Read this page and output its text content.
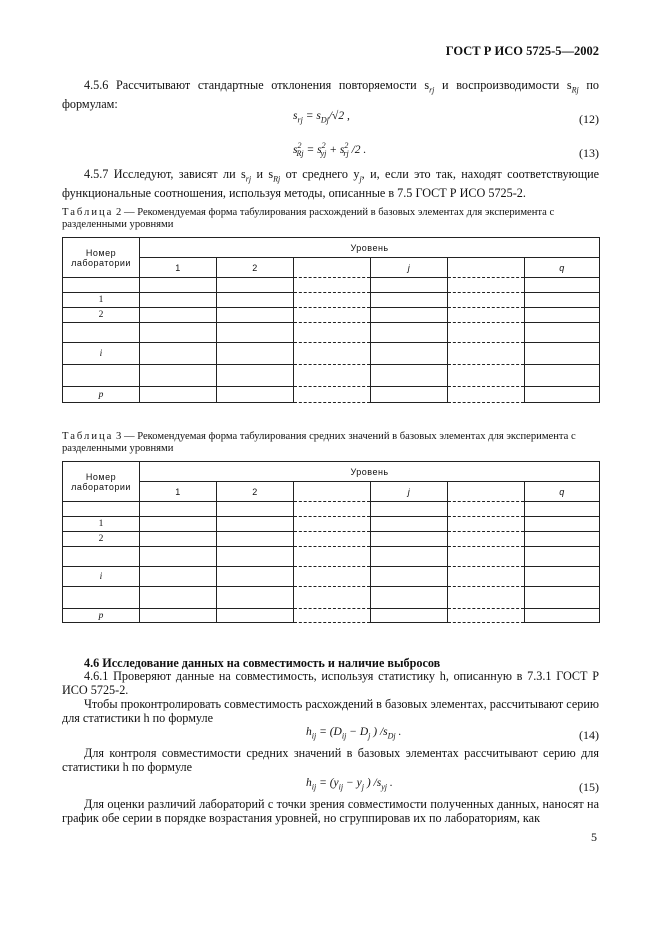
ГОСТ Р ИСО 5725-5—2002
4.5.6 Рассчитывают стандартные отклонения повторяемости $s_{rj}$ и воспроизводимости $s_{Rj}$ по формулам:
$s_{rj} = s_{Dj}/√2$ ,	(12)
$s^2_{Rj} = s^2_{yj} + s^2_{rj}$ /2 .	(13)
4.5.7 Исследуют, зависят ли $s_{rj}$ и $s_{Rj}$ от среднего $y_j$, и, если это так, находят соответствующие функциональные соотношения, используя методы, описанные в 7.5 ГОСТ Р ИСО 5725-2.
Таблица 2 — Рекомендуемая форма табулирования расхождений в базовых элементах для эксперимента с разделенными уровнями
Номер лаборатории	Уровень					
	1	2		j		q

1						
2						

i						

p						
Таблица 3 — Рекомендуемая форма табулирования средних значений в базовых элементах для эксперимента с разделенными уровнями
Номер лаборатории	Уровень					
	1	2		j		q

1						
2						

i						

p						
4.6 Исследование данных на совместимость и наличие выбросов
4.6.1 Проверяют данные на совместимость, используя статистику h, описанную в 7.3.1 ГОСТ Р ИСО 5725-2.
Чтобы проконтролировать совместимость расхождений в базовых элементах, рассчитывают серию для статистики h по формуле
$h_{ij} = (D_{ij} - D_j$ ) $/s_{Dj}$ .	(14)
Для контроля совместимости средних значений в базовых элементах рассчитывают серию для статистики h по формуле
$h_{ij} = (y_{ij} - y_j$ ) $/s_{yj}$ .	(15)
Для оценки различий лабораторий с точки зрения совместимости полученных данных, наносят на график обе серии в порядке возрастания уровней, но сгруппировав их по лабораториям, как
5
